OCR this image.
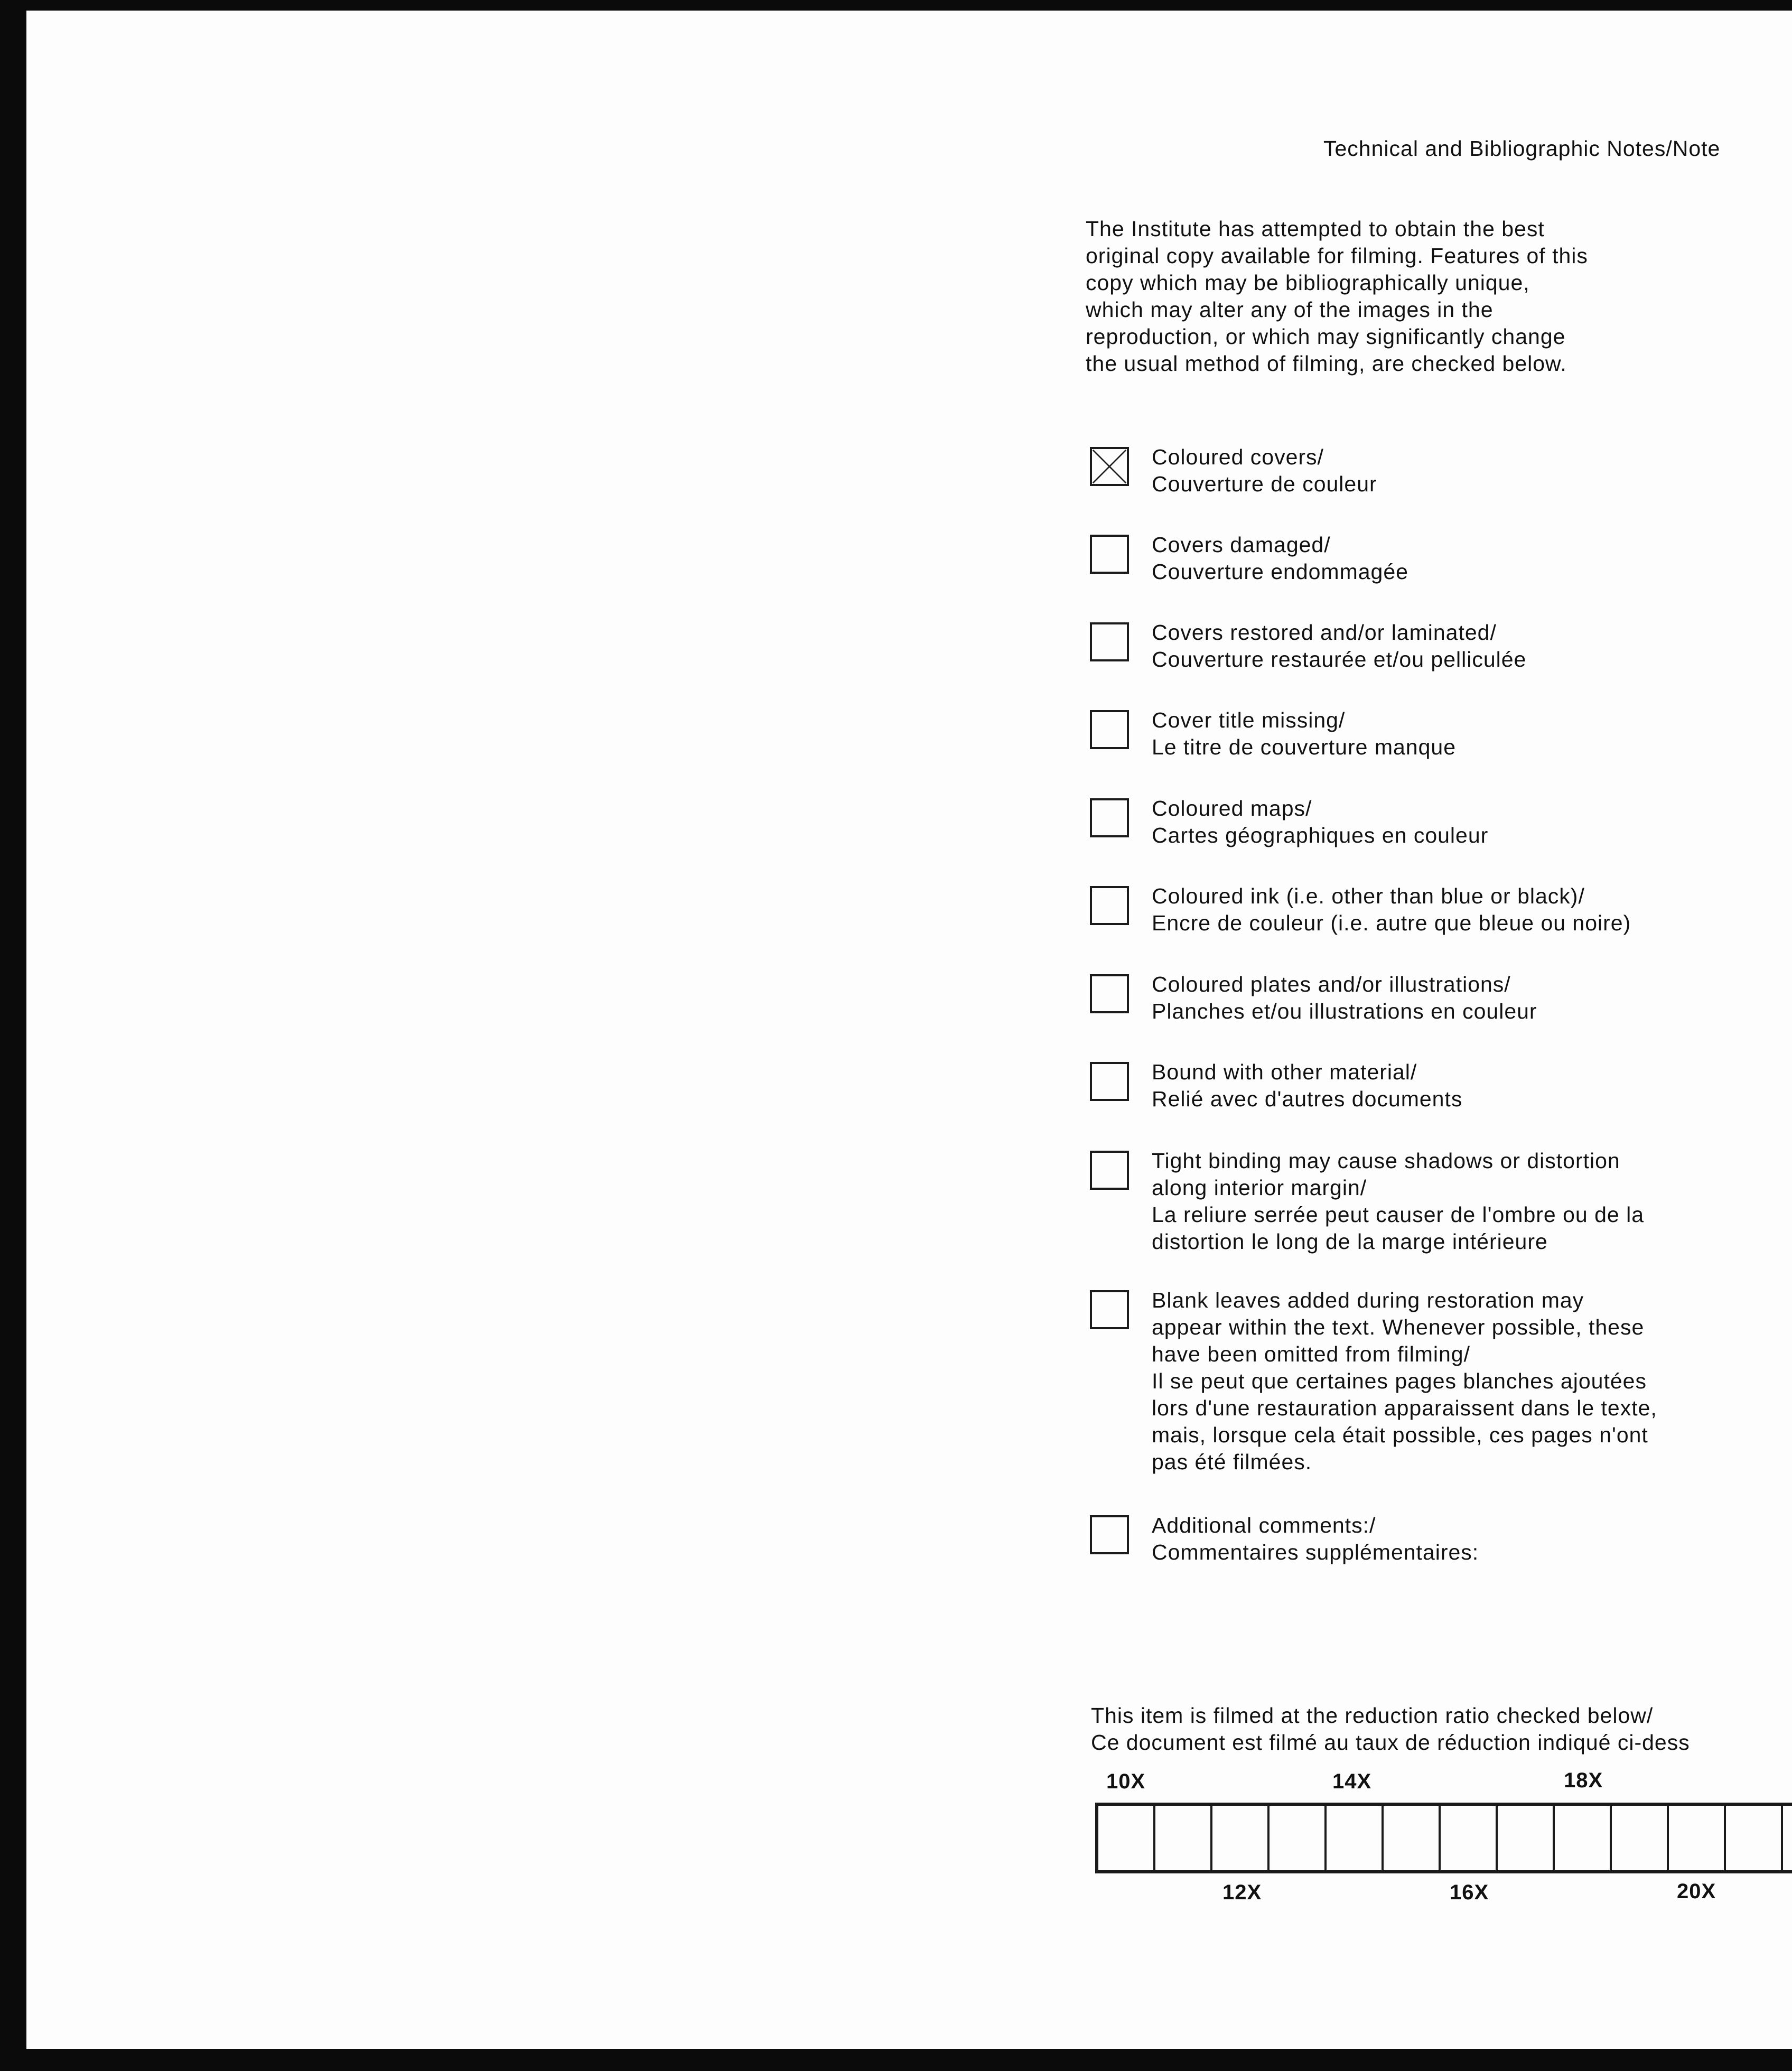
Technical and Bibliographic Notes/Note
The Institute has attempted to obtain the best
original copy available for filming. Features of this
copy which may be bibliographically unique,
which may alter any of the images in the
reproduction, or which may significantly change
the usual method of filming, are checked below.
Coloured covers/
Couverture de couleur
Covers damaged/
Couverture endommagée
Covers restored and/or laminated/
Couverture restaurée et/ou pelliculée
Cover title missing/
Le titre de couverture manque
Coloured maps/
Cartes géographiques en couleur
Coloured ink (i.e. other than blue or black)/
Encre de couleur (i.e. autre que bleue ou noire)
Coloured plates and/or illustrations/
Planches et/ou illustrations en couleur
Bound with other material/
Relié avec d'autres documents
Tight binding may cause shadows or distortion
along interior margin/
La reliure serrée peut causer de l'ombre ou de la
distortion le long de la marge intérieure
Blank leaves added during restoration may
appear within the text. Whenever possible, these
have been omitted from filming/
Il se peut que certaines pages blanches ajoutées
lors d'une restauration apparaissent dans le texte,
mais, lorsque cela était possible, ces pages n'ont
pas été filmées.
Additional comments:/
Commentaires supplémentaires:
This item is filmed at the reduction ratio checked below/
Ce document est filmé au taux de réduction indiqué ci-dess
10X	14X	18X
12X	16X	20X
